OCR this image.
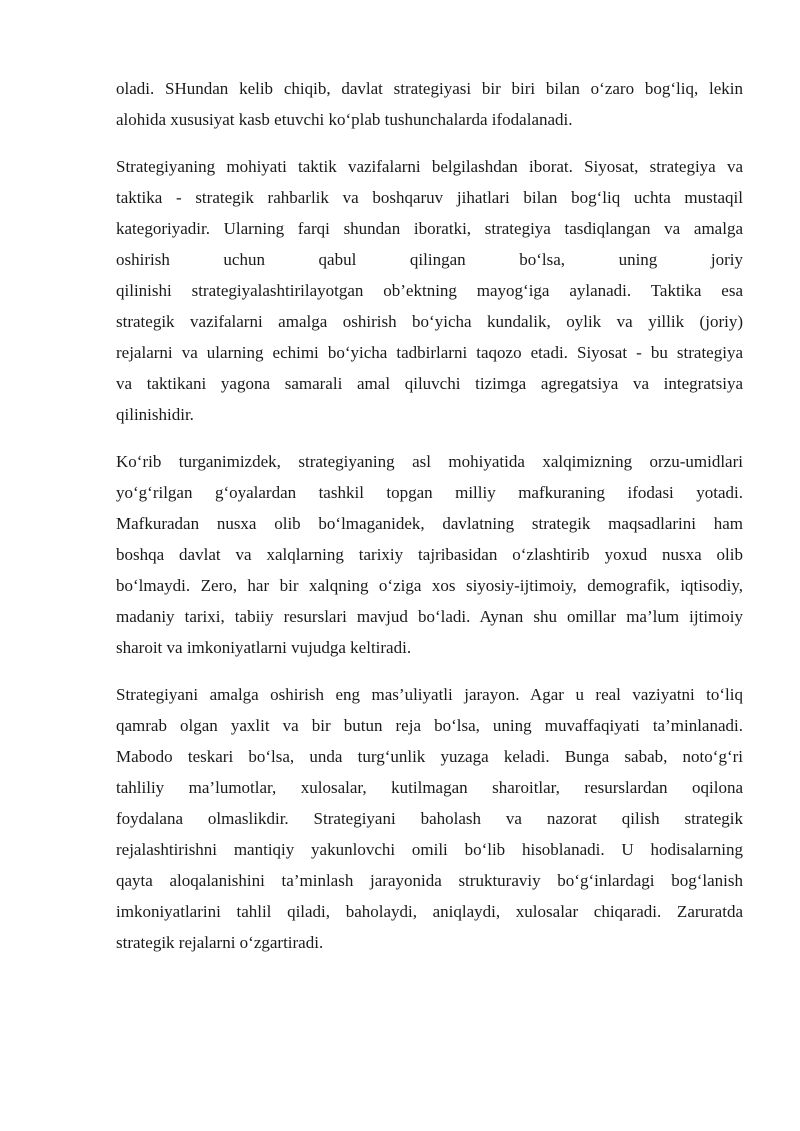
oladi. SHundan kelib chiqib, davlat strategiyasi bir biri bilan o‘zaro bog‘liq, lekin
alohida xususiyat kasb etuvchi ko‘plab tushunchalarda ifodalanadi.
Strategiyaning mohiyati taktik vazifalarni belgilashdan iborat. Siyosat, strategiya va
taktika - strategik rahbarlik va boshqaruv jihatlari bilan bog‘liq uchta mustaqil
kategoriyadir. Ularning farqi shundan iboratki, strategiya tasdiqlangan va amalga
oshirish uchun qabul qilingan bo‘lsa, uning joriy
qilinishi strategiyalashtirilayotgan ob’ektning mayog‘iga aylanadi. Taktika esa
strategik vazifalarni amalga oshirish bo‘yicha kundalik, oylik va yillik (joriy)
rejalarni va ularning echimi bo‘yicha tadbirlarni taqozo etadi. Siyosat - bu strategiya
va taktikani yagona samarali amal qiluvchi tizimga agregatsiya va integratsiya
qilinishidir.
Ko‘rib turganimizdek, strategiyaning asl mohiyatida xalqimizning orzu-umidlari
yo‘g‘rilgan g‘oyalardan tashkil topgan milliy mafkuraning ifodasi yotadi.
Mafkuradan nusxa olib bo‘lmaganidek, davlatning strategik maqsadlarini ham
boshqa davlat va xalqlarning tarixiy tajribasidan o‘zlashtirib yoxud nusxa olib
bo‘lmaydi. Zero, har bir xalqning o‘ziga xos siyosiy-ijtimoiy, demografik, iqtisodiy,
madaniy tarixi, tabiiy resurslari mavjud bo‘ladi. Aynan shu omillar ma’lum ijtimoiy
sharoit va imkoniyatlarni vujudga keltiradi.
Strategiyani amalga oshirish eng mas’uliyatli jarayon. Agar u real vaziyatni to‘liq
qamrab olgan yaxlit va bir butun reja bo‘lsa, uning muvaffaqiyati ta’minlanadi.
Mabodo teskari bo‘lsa, unda turg‘unlik yuzaga keladi. Bunga sabab, noto‘g‘ri
tahliliy ma’lumotlar, xulosalar, kutilmagan sharoitlar, resurslardan oqilona
foydalana olmaslikdir. Strategiyani baholash va nazorat qilish strategik
rejalashtirishni mantiqiy yakunlovchi omili bo‘lib hisoblanadi. U hodisalarning
qayta aloqalanishini ta’minlash jarayonida strukturaviy bo‘g‘inlardagi bog‘lanish
imkoniyatlarini tahlil qiladi, baholaydi, aniqlaydi, xulosalar chiqaradi. Zaruratda
strategik rejalarni o‘zgartiradi.
